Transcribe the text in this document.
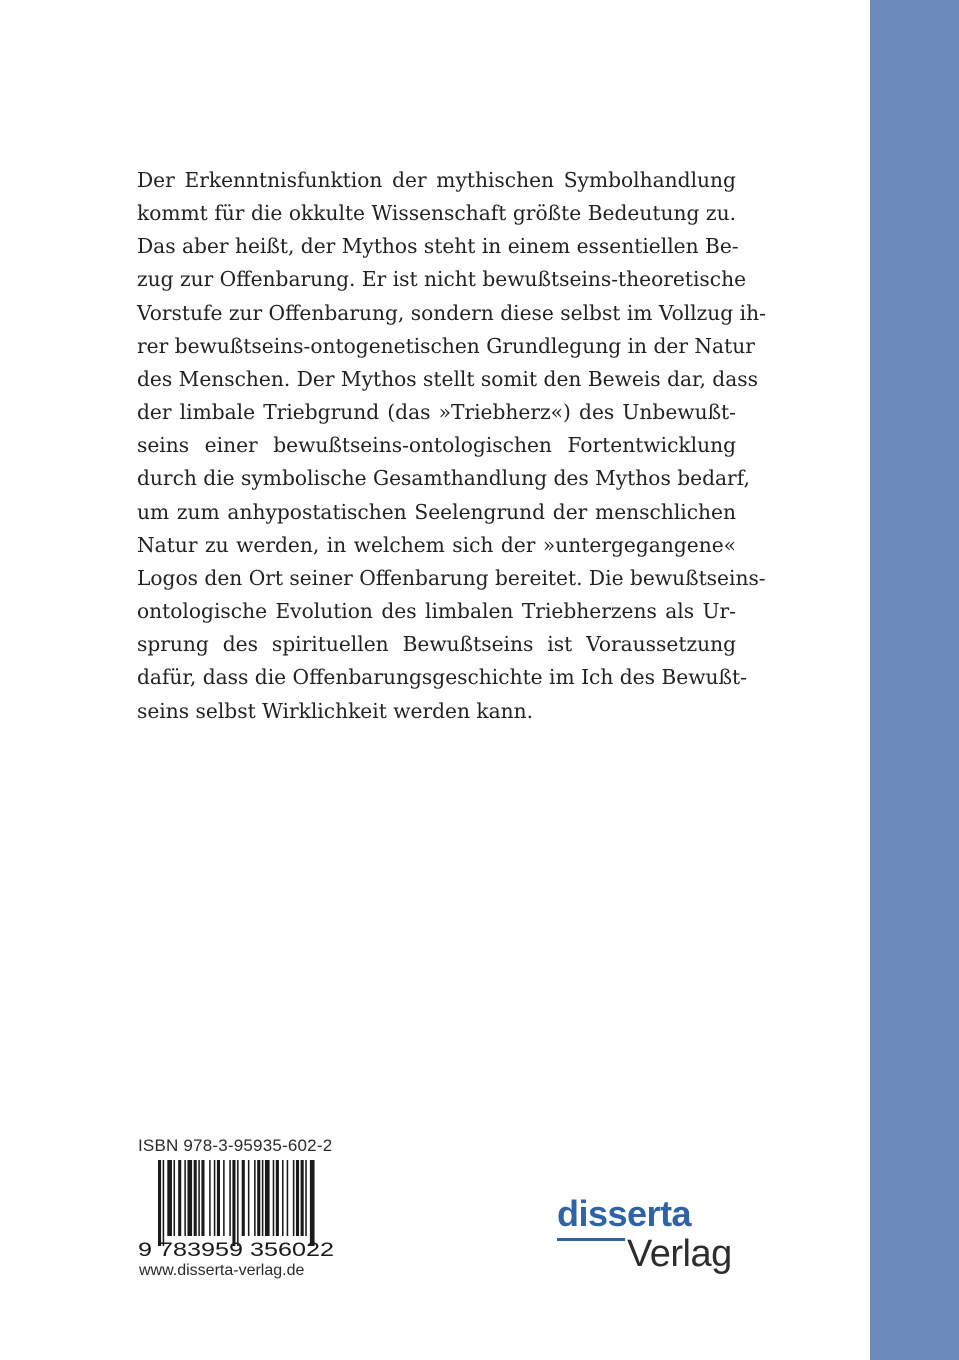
Der Erkenntnisfunktion der mythischen Symbolhandlung
kommt für die okkulte Wissenschaft größte Bedeutung zu.
Das aber heißt, der Mythos steht in einem essentiellen Be-
zug zur Offenbarung. Er ist nicht bewußtseins-theoretische
Vorstufe zur Offenbarung, sondern diese selbst im Vollzug ih-
rer bewußtseins-ontogenetischen Grundlegung in der Natur
des Menschen. Der Mythos stellt somit den Beweis dar, dass
der limbale Triebgrund (das »Triebherz«) des Unbewußt-
seins einer bewußtseins-ontologischen Fortentwicklung
durch die symbolische Gesamthandlung des Mythos bedarf,
um zum anhypostatischen Seelengrund der menschlichen
Natur zu werden, in welchem sich der »untergegangene«
Logos den Ort seiner Offenbarung bereitet. Die bewußtseins-
ontologische Evolution des limbalen Triebherzens als Ur-
sprung des spirituellen Bewußtseins ist Voraussetzung
dafür, dass die Offenbarungsgeschichte im Ich des Bewußt-
seins selbst Wirklichkeit werden kann.
ISBN 978-3-95935-602-2
9 783959 356022
www.disserta-verlag.de
disserta
Verlag
